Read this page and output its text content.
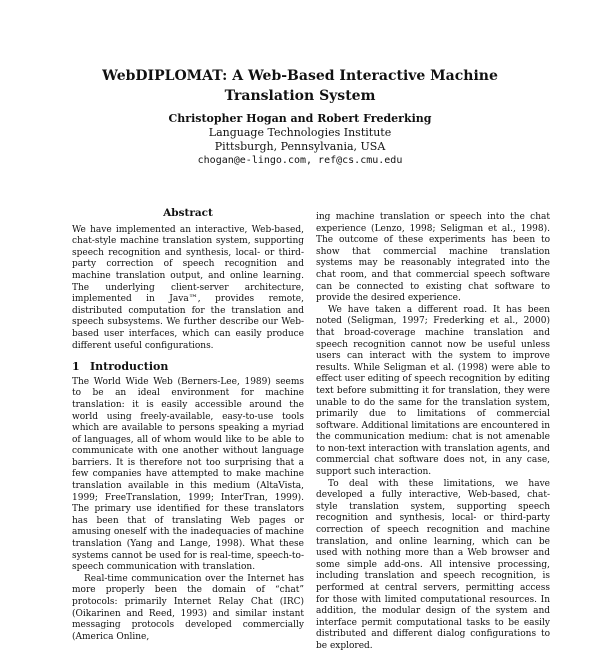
WebDIPLOMAT: A Web-Based Interactive Machine Translation System
Christopher Hogan and Robert Frederking
Language Technologies Institute
Pittsburgh, Pennsylvania, USA
chogan@e-lingo.com, ref@cs.cmu.edu
Abstract

We have implemented an interactive, Web-based, chat-style machine translation system, supporting speech recognition and synthesis, local- or third-party correction of speech recognition and machine translation output, and online learning. The underlying client-server architecture, implemented in Java™, provides remote, distributed computation for the translation and speech subsystems. We further describe our Web-based user interfaces, which can easily produce different useful configurations.

1 Introduction

The World Wide Web (Berners-Lee, 1989) seems to be an ideal environment for machine translation: it is easily accessible around the world using freely-available, easy-to-use tools which are available to persons speaking a myriad of languages, all of whom would like to be able to communicate with one another without language barriers. It is therefore not too surprising that a few companies have attempted to make machine translation available in this medium (AltaVista, 1999; FreeTranslation, 1999; InterTran, 1999). The primary use identified for these translators has been that of translating Web pages or amusing oneself with the inadequacies of machine translation (Yang and Lange, 1998). What these systems cannot be used for is real-time, speech-to-speech communication with translation.

Real-time communication over the Internet has more properly been the domain of “chat” protocols: primarily Internet Relay Chat (IRC) (Oikarinen and Reed, 1993) and similar instant messaging protocols developed commercially (America Online,

ing machine translation or speech into the chat experience (Lenzo, 1998; Seligman et al., 1998). The outcome of these experiments has been to show that commercial machine translation systems may be reasonably integrated into the chat room, and that commercial speech software can be connected to existing chat software to provide the desired experience.

We have taken a different road. It has been noted (Seligman, 1997; Frederking et al., 2000) that broad-coverage machine translation and speech recognition cannot now be useful unless users can interact with the system to improve results. While Seligman et al. (1998) were able to effect user editing of speech recognition by editing text before submitting it for translation, they were unable to do the same for the translation system, primarily due to limitations of commercial software. Additional limitations are encountered in the communication medium: chat is not amenable to non-text interaction with translation agents, and commercial chat software does not, in any case, support such interaction.

To deal with these limitations, we have developed a fully interactive, Web-based, chat-style translation system, supporting speech recognition and synthesis, local- or third-party correction of speech recognition and machine translation, and online learning, which can be used with nothing more than a Web browser and some simple add-ons. All intensive processing, including translation and speech recognition, is performed at central servers, permitting access for those with limited computational resources. In addition, the modular design of the system and interface permit computational tasks to be easily distributed and different dialog configurations to be explored.
